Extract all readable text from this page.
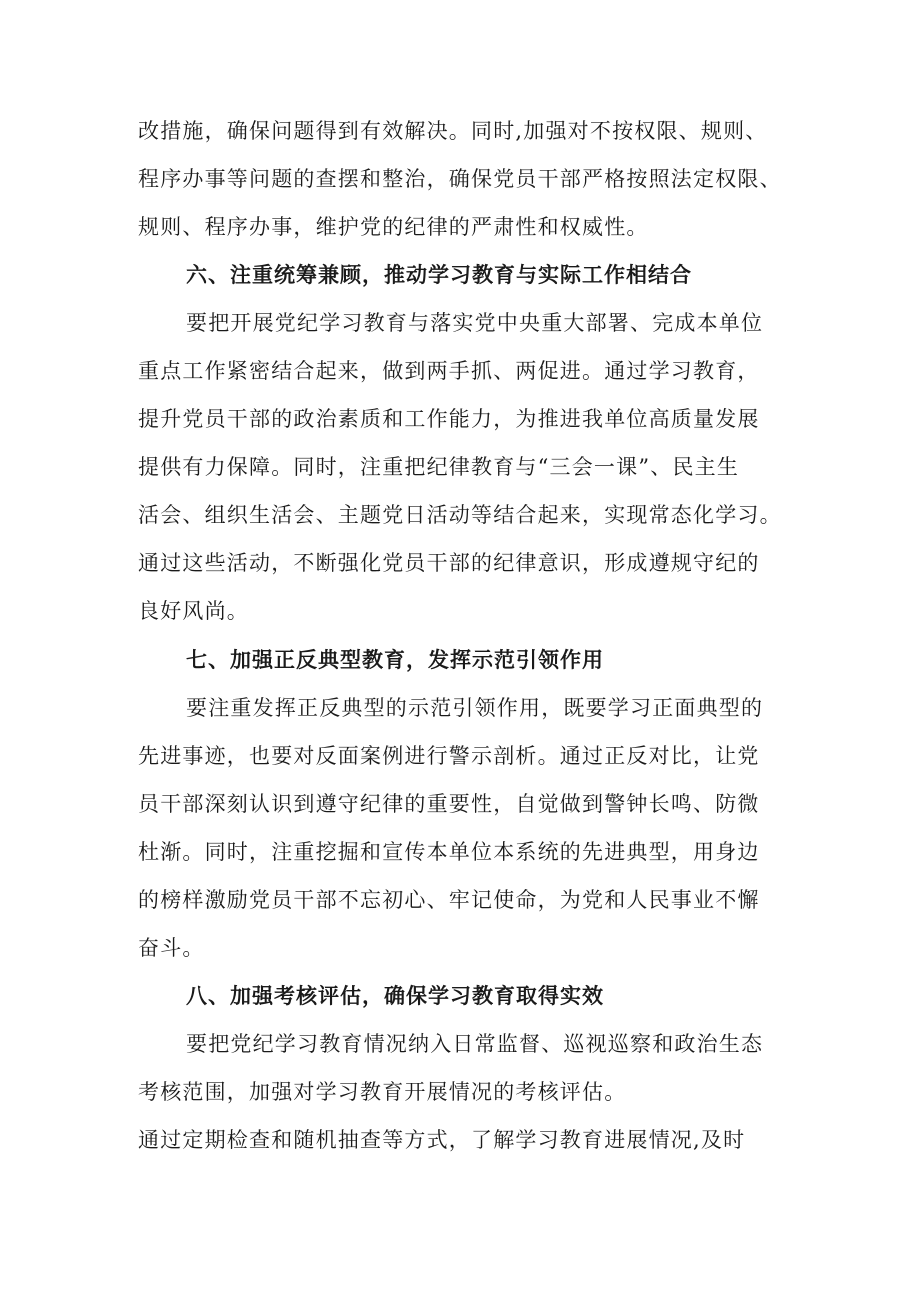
改措施，确保问题得到有效解决。同时,加强对不按权限、规则、

程序办事等问题的查摆和整治，确保党员干部严格按照法定权限、

规则、程序办事，维护党的纪律的严肃性和权威性。

六、注重统筹兼顾，推动学习教育与实际工作相结合

要把开展党纪学习教育与落实党中央重大部署、完成本单位

重点工作紧密结合起来，做到两手抓、两促进。通过学习教育，

提升党员干部的政治素质和工作能力，为推进我单位高质量发展

提供有力保障。同时，注重把纪律教育与“三会一课”、民主生

活会、组织生活会、主题党日活动等结合起来，实现常态化学习。

通过这些活动，不断强化党员干部的纪律意识，形成遵规守纪的

良好风尚。

七、加强正反典型教育，发挥示范引领作用

要注重发挥正反典型的示范引领作用，既要学习正面典型的

先进事迹，也要对反面案例进行警示剖析。通过正反对比，让党

员干部深刻认识到遵守纪律的重要性，自觉做到警钟长鸣、防微

杜渐。同时，注重挖掘和宣传本单位本系统的先进典型，用身边

的榜样激励党员干部不忘初心、牢记使命，为党和人民事业不懈

奋斗。

八、加强考核评估，确保学习教育取得实效

要把党纪学习教育情况纳入日常监督、巡视巡察和政治生态

考核范围，加强对学习教育开展情况的考核评估。

通过定期检查和随机抽查等方式，了解学习教育进展情况,及时
